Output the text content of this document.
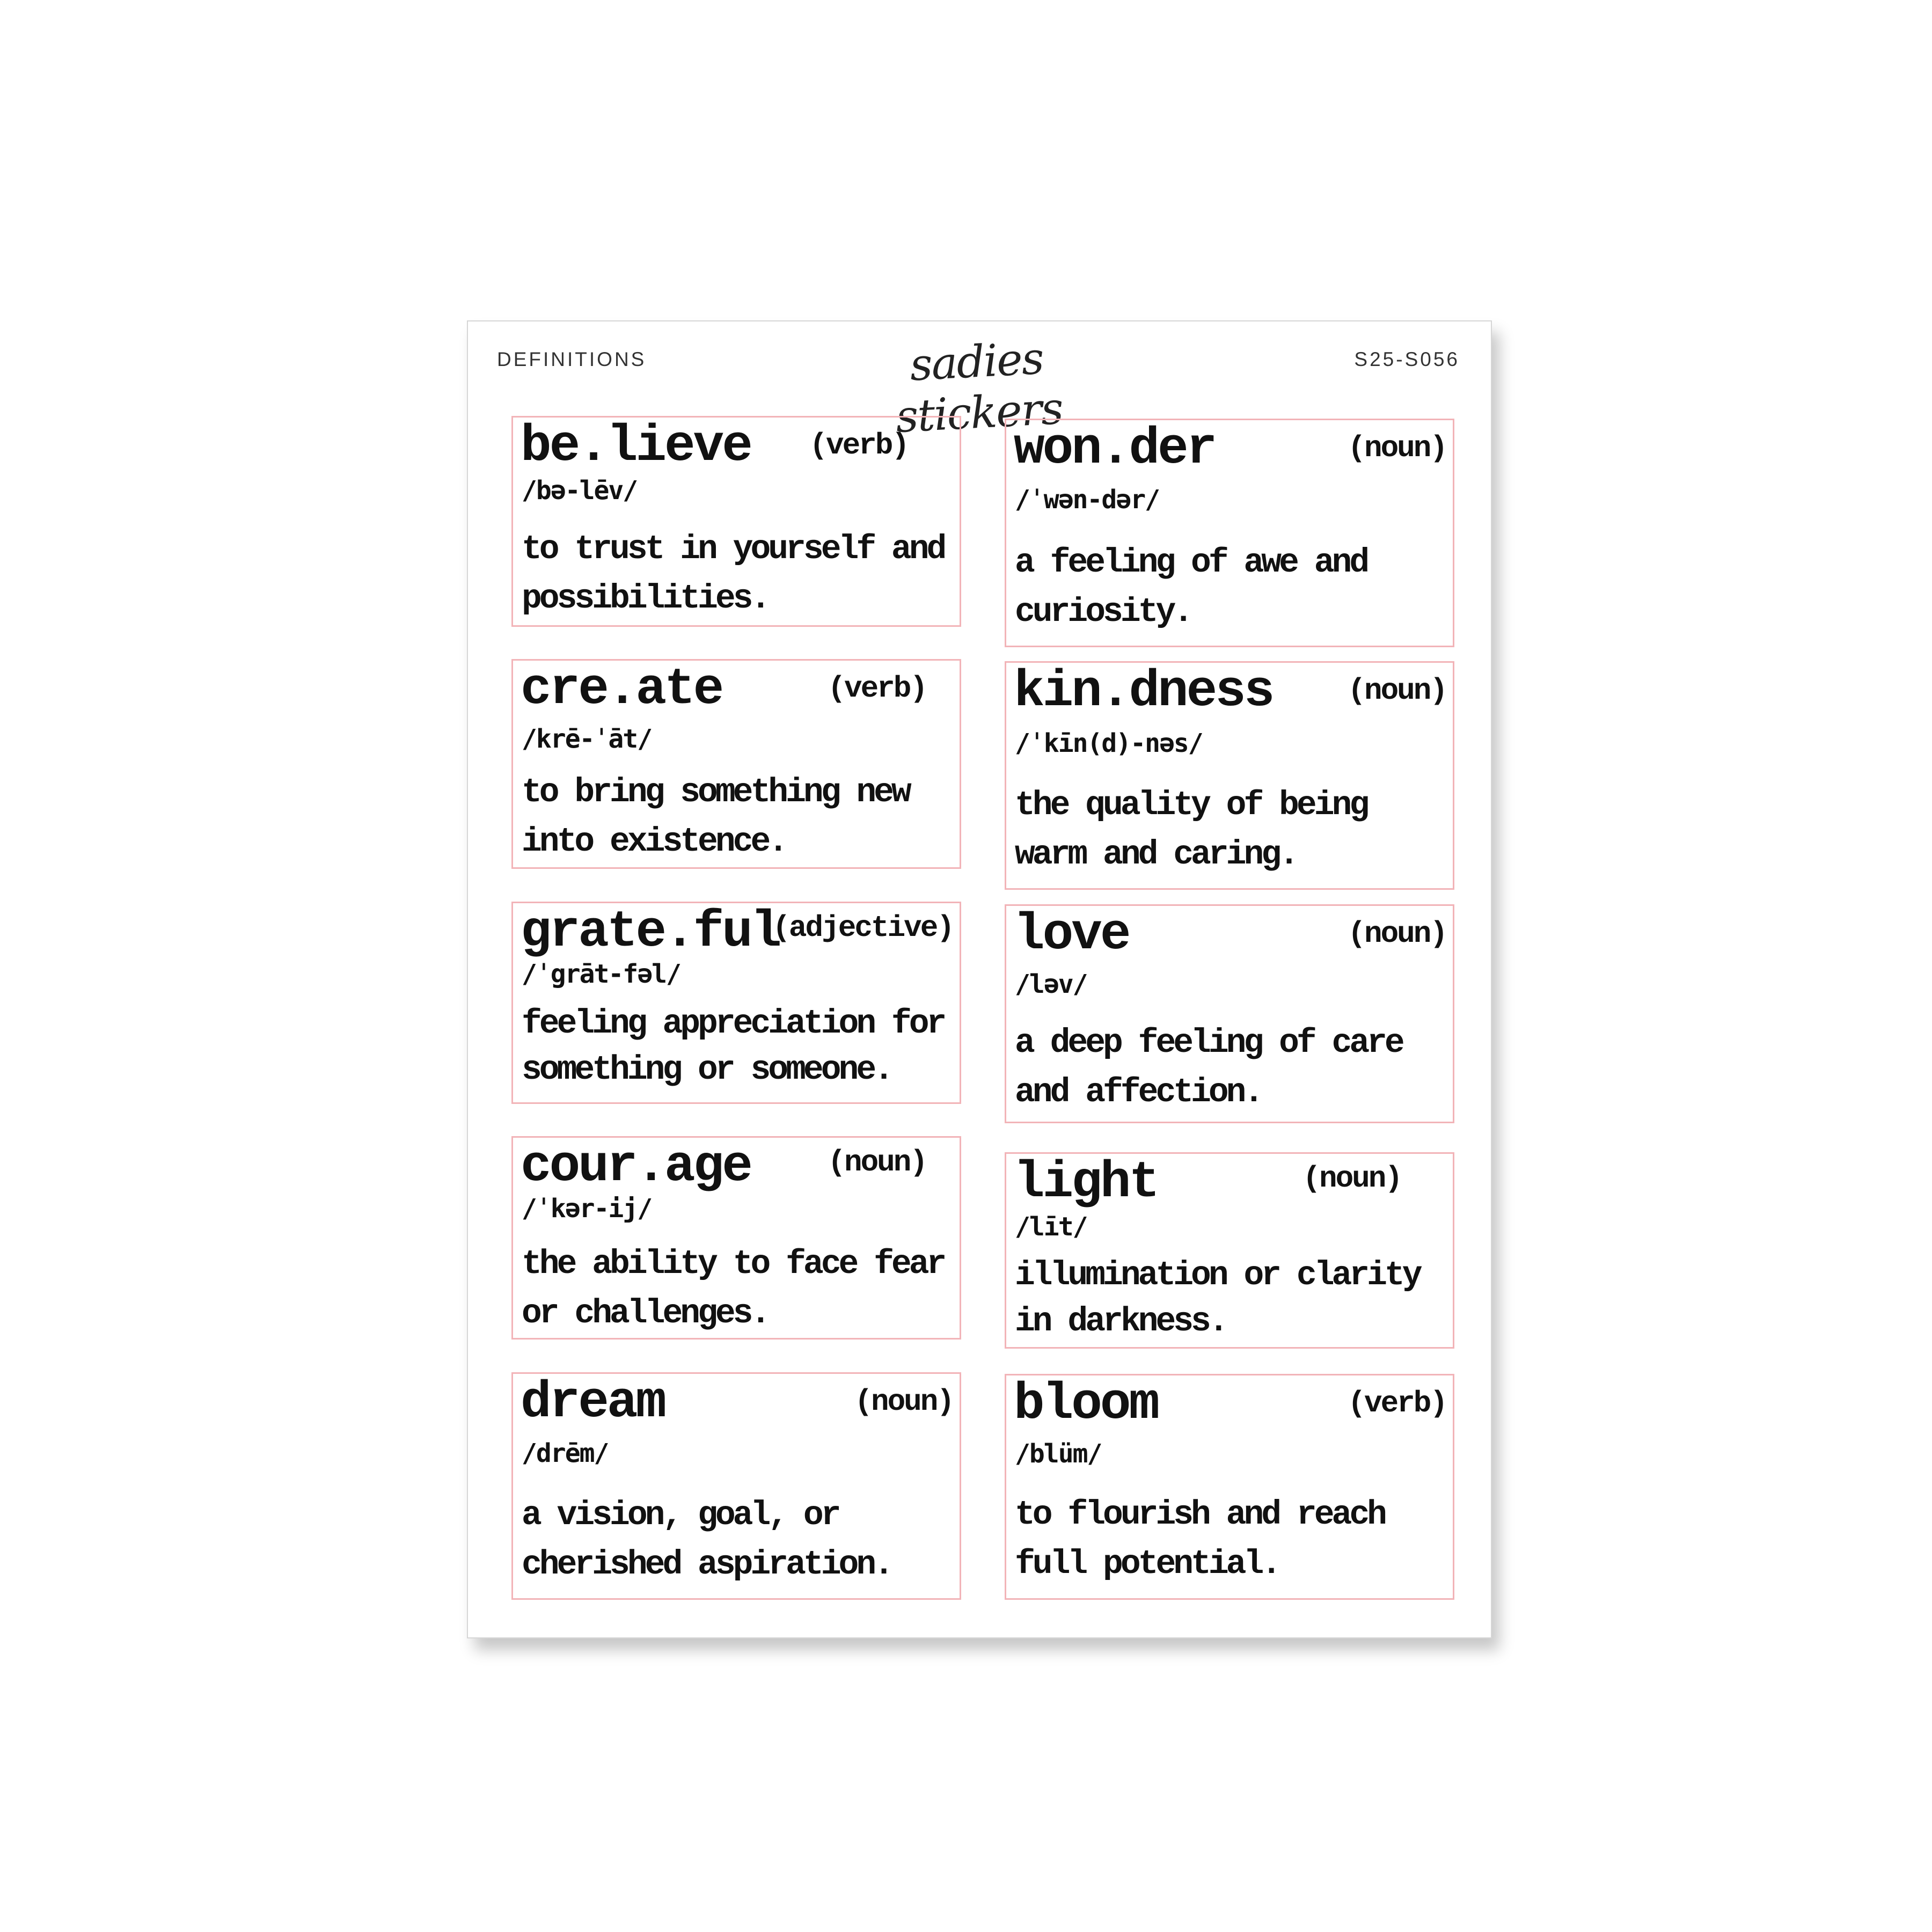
DEFINITIONS	sadies stickers
S25-S056
be.lieve (verb)
/bə-lēv/
to trust in yourself and
possibilities.
won.der	(noun)
/ˈwən-dər/
a feeling of awe and
curiosity.
cre.ate	(verb)
/krē-ˈāt/
to bring something new
into existence.
kin.dness (noun)
/ˈkīn(d)-nəs/
the quality of being
warm and caring.
grate.ful
(adjective)
/ˈgrāt-fəl/
feeling appreciation for
something or someone.
love	(noun)
/ləv/
a deep feeling of care
and affection.
cour.age	(noun)
/ˈkər-ij/
the ability to face fear
or challenges.
light	(noun)
/līt/
illumination or clarity
in darkness.
dream	(noun)
/drēm/
a vision, goal, or
cherished aspiration.
bloom	(verb)
/blüm/
to flourish and reach
full potential.
